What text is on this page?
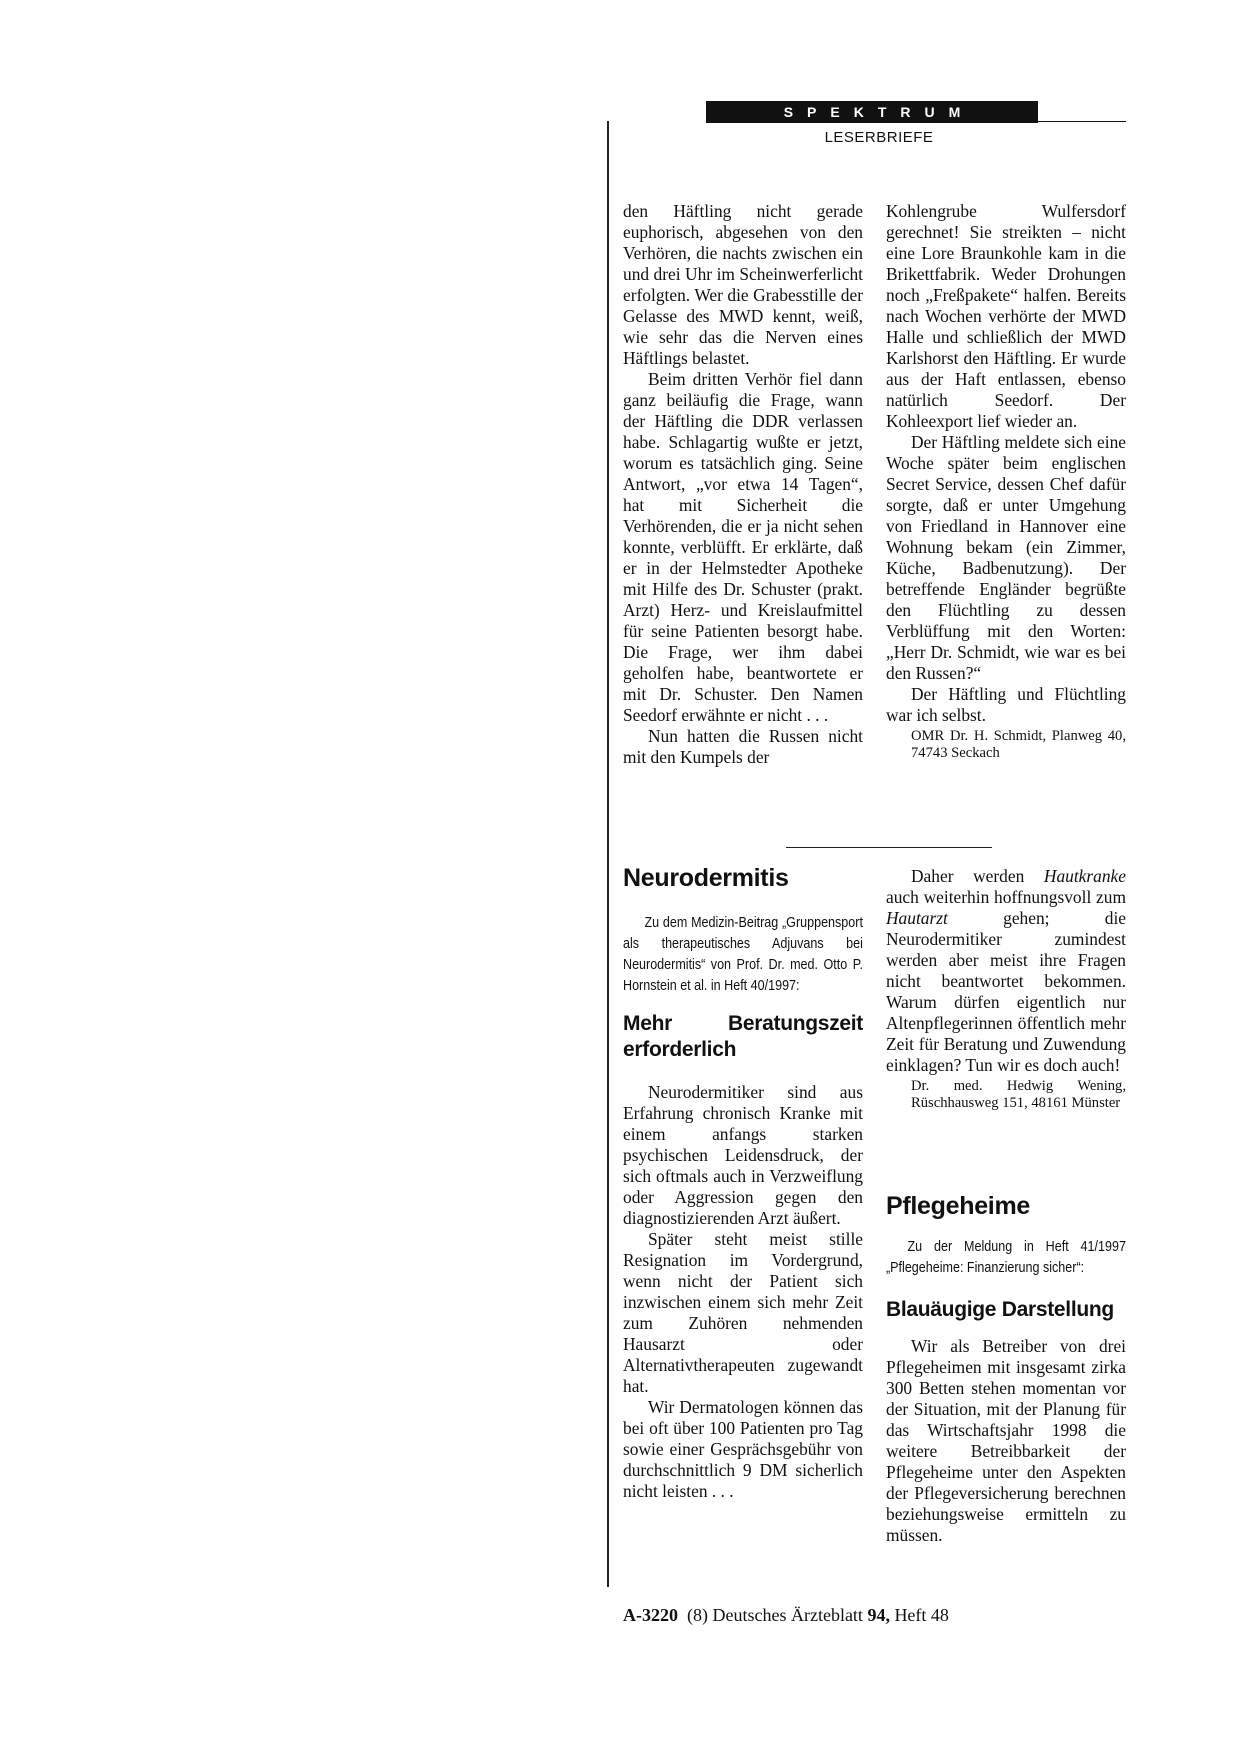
SPEKTRUM
LESERBRIEFE

den Häftling nicht gerade euphorisch, abgesehen von den Verhören, die nachts zwischen ein und drei Uhr im Scheinwerferlicht erfolgten. Wer die Grabesstille der Gelasse des MWD kennt, weiß, wie sehr das die Nerven eines Häftlings belastet.

Beim dritten Verhör fiel dann ganz beiläufig die Frage, wann der Häftling die DDR verlassen habe. Schlagartig wußte er jetzt, worum es tatsächlich ging. Seine Antwort, „vor etwa 14 Tagen“, hat mit Sicherheit die Verhörenden, die er ja nicht sehen konnte, verblüfft. Er erklärte, daß er in der Helmstedter Apotheke mit Hilfe des Dr. Schuster (prakt. Arzt) Herz- und Kreislaufmittel für seine Patienten besorgt habe. Die Frage, wer ihm dabei geholfen habe, beantwortete er mit Dr. Schuster. Den Namen Seedorf erwähnte er nicht . . .

Nun hatten die Russen nicht mit den Kumpels der

Kohlengrube Wulfersdorf gerechnet! Sie streikten – nicht eine Lore Braunkohle kam in die Brikettfabrik. Weder Drohungen noch „Freßpakete“ halfen. Bereits nach Wochen verhörte der MWD Halle und schließlich der MWD Karlshorst den Häftling. Er wurde aus der Haft entlassen, ebenso natürlich Seedorf. Der Kohleexport lief wieder an.

Der Häftling meldete sich eine Woche später beim englischen Secret Service, dessen Chef dafür sorgte, daß er unter Umgehung von Friedland in Hannover eine Wohnung bekam (ein Zimmer, Küche, Badbenutzung). Der betreffende Engländer begrüßte den Flüchtling zu dessen Verblüffung mit den Worten: „Herr Dr. Schmidt, wie war es bei den Russen?“

Der Häftling und Flüchtling war ich selbst.

OMR Dr. H. Schmidt, Planweg 40, 74743 Seckach

Neurodermitis

Zu dem Medizin-Beitrag „Gruppensport als therapeutisches Adjuvans bei Neurodermitis“ von Prof. Dr. med. Otto P. Hornstein et al. in Heft 40/1997:

Mehr Beratungszeit erforderlich

Neurodermitiker sind aus Erfahrung chronisch Kranke mit einem anfangs starken psychischen Leidensdruck, der sich oftmals auch in Verzweiflung oder Aggression gegen den diagnostizierenden Arzt äußert.

Später steht meist stille Resignation im Vordergrund, wenn nicht der Patient sich inzwischen einem sich mehr Zeit zum Zuhören nehmenden Hausarzt oder Alternativtherapeuten zugewandt hat.

Wir Dermatologen können das bei oft über 100 Patienten pro Tag sowie einer Gesprächsgebühr von durchschnittlich 9 DM sicherlich nicht leisten . . .

Daher werden Hautkranke auch weiterhin hoffnungsvoll zum Hautarzt gehen; die Neurodermitiker zumindest werden aber meist ihre Fragen nicht beantwortet bekommen. Warum dürfen eigentlich nur Altenpflegerinnen öffentlich mehr Zeit für Beratung und Zuwendung einklagen? Tun wir es doch auch!

Dr. med. Hedwig Wening, Rüschhausweg 151, 48161 Münster

Pflegeheime

Zu der Meldung in Heft 41/1997 „Pflegeheime: Finanzierung sicher“:

Blauäugige Darstellung

Wir als Betreiber von drei Pflegeheimen mit insgesamt zirka 300 Betten stehen momentan vor der Situation, mit der Planung für das Wirtschaftsjahr 1998 die weitere Betreibbarkeit der Pflegeheime unter den Aspekten der Pflegeversicherung berechnen beziehungsweise ermitteln zu müssen.

A-3220 (8) Deutsches Ärzteblatt 94, Heft 48
